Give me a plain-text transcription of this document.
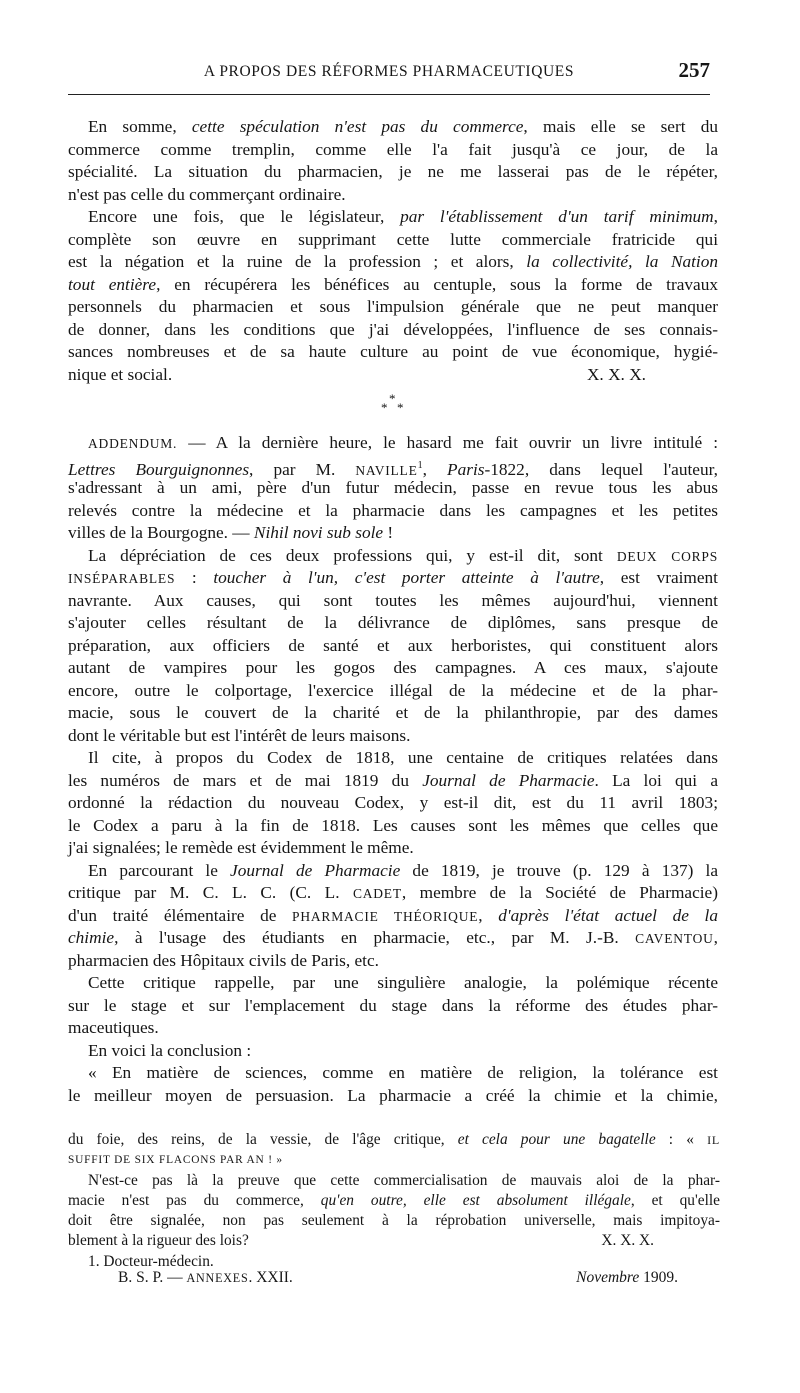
A PROPOS DES RÉFORMES PHARMACEUTIQUES	257
En somme, cette spéculation n'est pas du commerce, mais elle se sert du
commerce comme tremplin, comme elle l'a fait jusqu'à ce jour, de la
spécialité. La situation du pharmacien, je ne me lasserai pas de le répéter,
n'est pas celle du commerçant ordinaire.
Encore une fois, que le législateur, par l'établissement d'un tarif minimum,
complète son œuvre en supprimant cette lutte commerciale fratricide qui
est la négation et la ruine de la profession ; et alors, la collectivité, la Nation
tout entière, en récupérera les bénéfices au centuple, sous la forme de travaux
personnels du pharmacien et sous l'impulsion générale que ne peut manquer
de donner, dans les conditions que j'ai développées, l'influence de ses connais-
sances nombreuses et de sa haute culture au point de vue économique, hygié-
nique et social.	X. X. X.
*
* *
ADDENDUM. — A la dernière heure, le hasard me fait ouvrir un livre intitulé :
Lettres Bourguignonnes, par M. NAVILLE$^1$, Paris-1822, dans lequel l'auteur,
s'adressant à un ami, père d'un futur médecin, passe en revue tous les abus
relevés contre la médecine et la pharmacie dans les campagnes et les petites
villes de la Bourgogne. — Nihil novi sub sole !
La dépréciation de ces deux professions qui, y est-il dit, sont DEUX CORPS
INSÉPARABLES : toucher à l'un, c'est porter atteinte à l'autre, est vraiment
navrante. Aux causes, qui sont toutes les mêmes aujourd'hui, viennent
s'ajouter celles résultant de la délivrance de diplômes, sans presque de
préparation, aux officiers de santé et aux herboristes, qui constituent alors
autant de vampires pour les gogos des campagnes. A ces maux, s'ajoute
encore, outre le colportage, l'exercice illégal de la médecine et de la phar-
macie, sous le couvert de la charité et de la philanthropie, par des dames
dont le véritable but est l'intérêt de leurs maisons.
Il cite, à propos du Codex de 1818, une centaine de critiques relatées dans
les numéros de mars et de mai 1819 du Journal de Pharmacie. La loi qui a
ordonné la rédaction du nouveau Codex, y est-il dit, est du 11 avril 1803;
le Codex a paru à la fin de 1818. Les causes sont les mêmes que celles que
j'ai signalées; le remède est évidemment le même.
En parcourant le Journal de Pharmacie de 1819, je trouve (p. 129 à 137) la
critique par M. C. L. C. (C. L. CADET, membre de la Société de Pharmacie)
d'un traité élémentaire de PHARMACIE THÉORIQUE, d'après l'état actuel de la
chimie, à l'usage des étudiants en pharmacie, etc., par M. J.-B. CAVENTOU,
pharmacien des Hôpitaux civils de Paris, etc.
Cette critique rappelle, par une singulière analogie, la polémique récente
sur le stage et sur l'emplacement du stage dans la réforme des études phar-
maceutiques.
En voici la conclusion :
« En matière de sciences, comme en matière de religion, la tolérance est
le meilleur moyen de persuasion. La pharmacie a créé la chimie et la chimie,
du foie, des reins, de la vessie, de l'âge critique, et cela pour une bagatelle : « IL
SUFFIT DE SIX FLACONS PAR AN ! »
N'est-ce pas là la preuve que cette commercialisation de mauvais aloi de la phar-
macie n'est pas du commerce, qu'en outre, elle est absolument illégale, et qu'elle
doit être signalée, non pas seulement à la réprobation universelle, mais impitoya-
blement à la rigueur des lois?	X. X. X.
1. Docteur-médecin.
B. S. P. — ANNEXES. XXII.	Novembre 1909.
